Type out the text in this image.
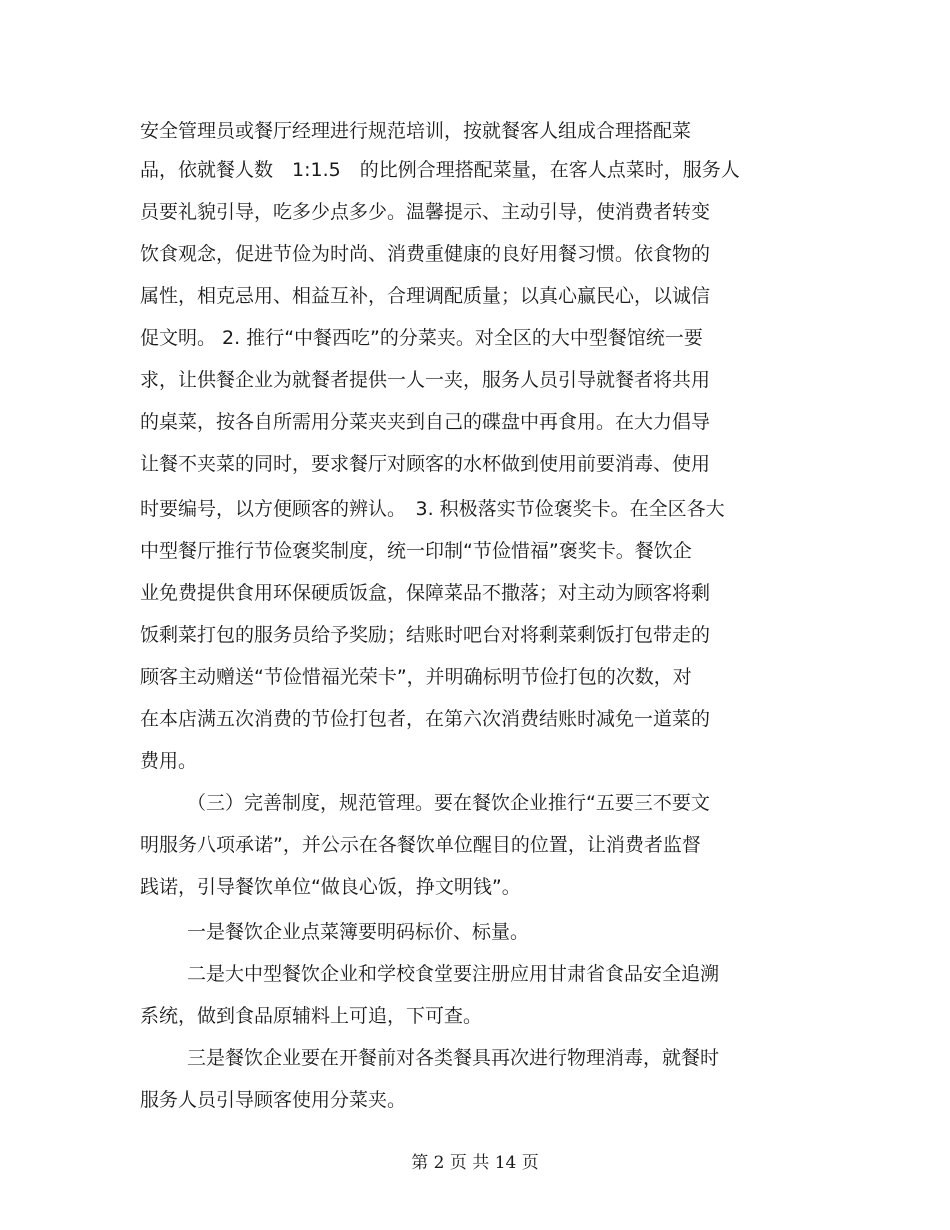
安全管理员或餐厅经理进行规范培训，按就餐客人组成合理搭配菜
品，依就餐人数　1:1.5　的比例合理搭配菜量，在客人点菜时，服务人
员要礼貌引导，吃多少点多少。温馨提示、主动引导，使消费者转变
饮食观念，促进节俭为时尚、消费重健康的良好用餐习惯。依食物的
属性，相克忌用、相益互补，合理调配质量；以真心赢民心，以诚信
促文明。 2. 推行“中餐西吃”的分菜夹。对全区的大中型餐馆统一要
求，让供餐企业为就餐者提供一人一夹，服务人员引导就餐者将共用
的桌菜，按各自所需用分菜夹夹到自己的碟盘中再食用。在大力倡导
让餐不夹菜的同时，要求餐厅对顾客的水杯做到使用前要消毒、使用
时要编号，以方便顾客的辨认。　3. 积极落实节俭褒奖卡。在全区各大
中型餐厅推行节俭褒奖制度，统一印制“节俭惜福”褒奖卡。餐饮企
业免费提供食用环保硬质饭盒，保障菜品不撒落；对主动为顾客将剩
饭剩菜打包的服务员给予奖励；结账时吧台对将剩菜剩饭打包带走的
顾客主动赠送“节俭惜福光荣卡”，并明确标明节俭打包的次数，对
在本店满五次消费的节俭打包者，在第六次消费结账时减免一道菜的
费用。
（三）完善制度，规范管理。要在餐饮企业推行“五要三不要文
明服务八项承诺”，并公示在各餐饮单位醒目的位置，让消费者监督
践诺，引导餐饮单位“做良心饭，挣文明钱”。
一是餐饮企业点菜簿要明码标价、标量。
二是大中型餐饮企业和学校食堂要注册应用甘肃省食品安全追溯
系统，做到食品原辅料上可追，下可查。
三是餐饮企业要在开餐前对各类餐具再次进行物理消毒，就餐时
服务人员引导顾客使用分菜夹。
第 2 页 共 14 页
